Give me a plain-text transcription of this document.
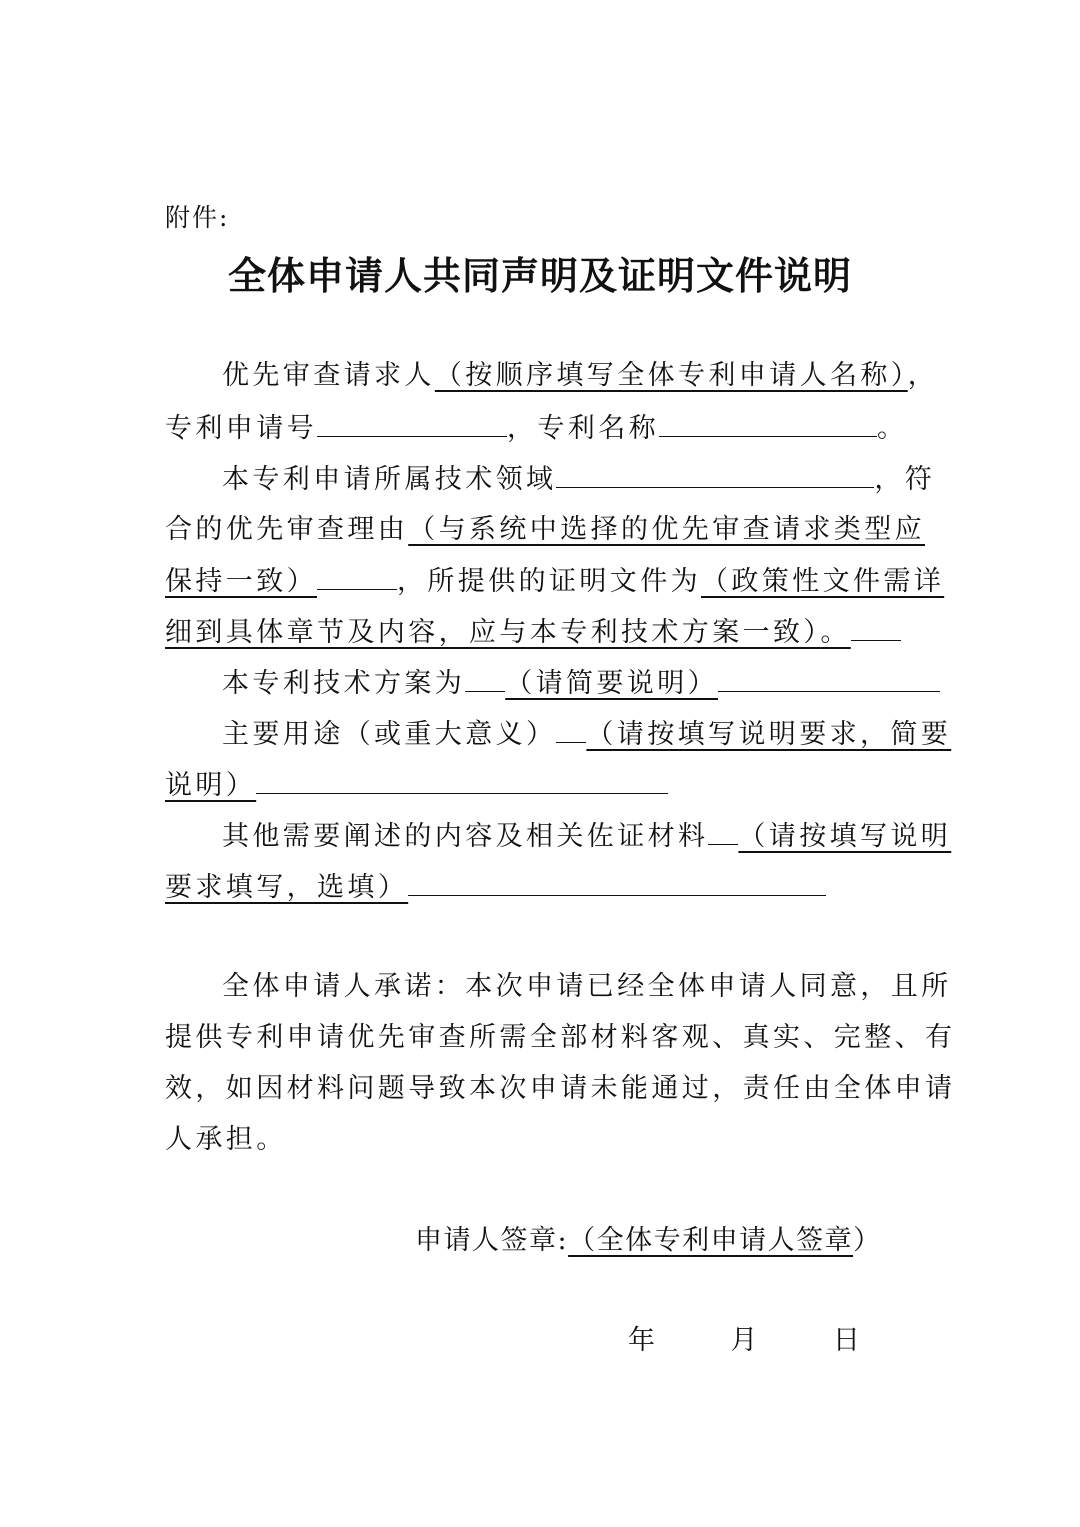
附件:
全体申请人共同声明及证明文件说明
优先审查请求人（按顺序填写全体专利申请人名称），
专利申请号	，专利名称	。
本专利申请所属技术领域	，符
合的优先审查理由（与系统中选择的优先审查请求类型应
保持一致）	，所提供的证明文件为（政策性文件需详
细到具体章节及内容，应与本专利技术方案一致）。
本专利技术方案为 （请简要说明）
主要用途（或重大意义） （请按填写说明要求，简要
说明）
其他需要阐述的内容及相关佐证材料 （请按填写说明
要求填写，选填）
全体申请人承诺：本次申请已经全体申请人同意，且所
提供专利申请优先审查所需全部材料客观、真实、完整、有
效，如因材料问题导致本次申请未能通过，责任由全体申请
人承担。
申请人签章:（全体专利申请人签章）
年	月	日
